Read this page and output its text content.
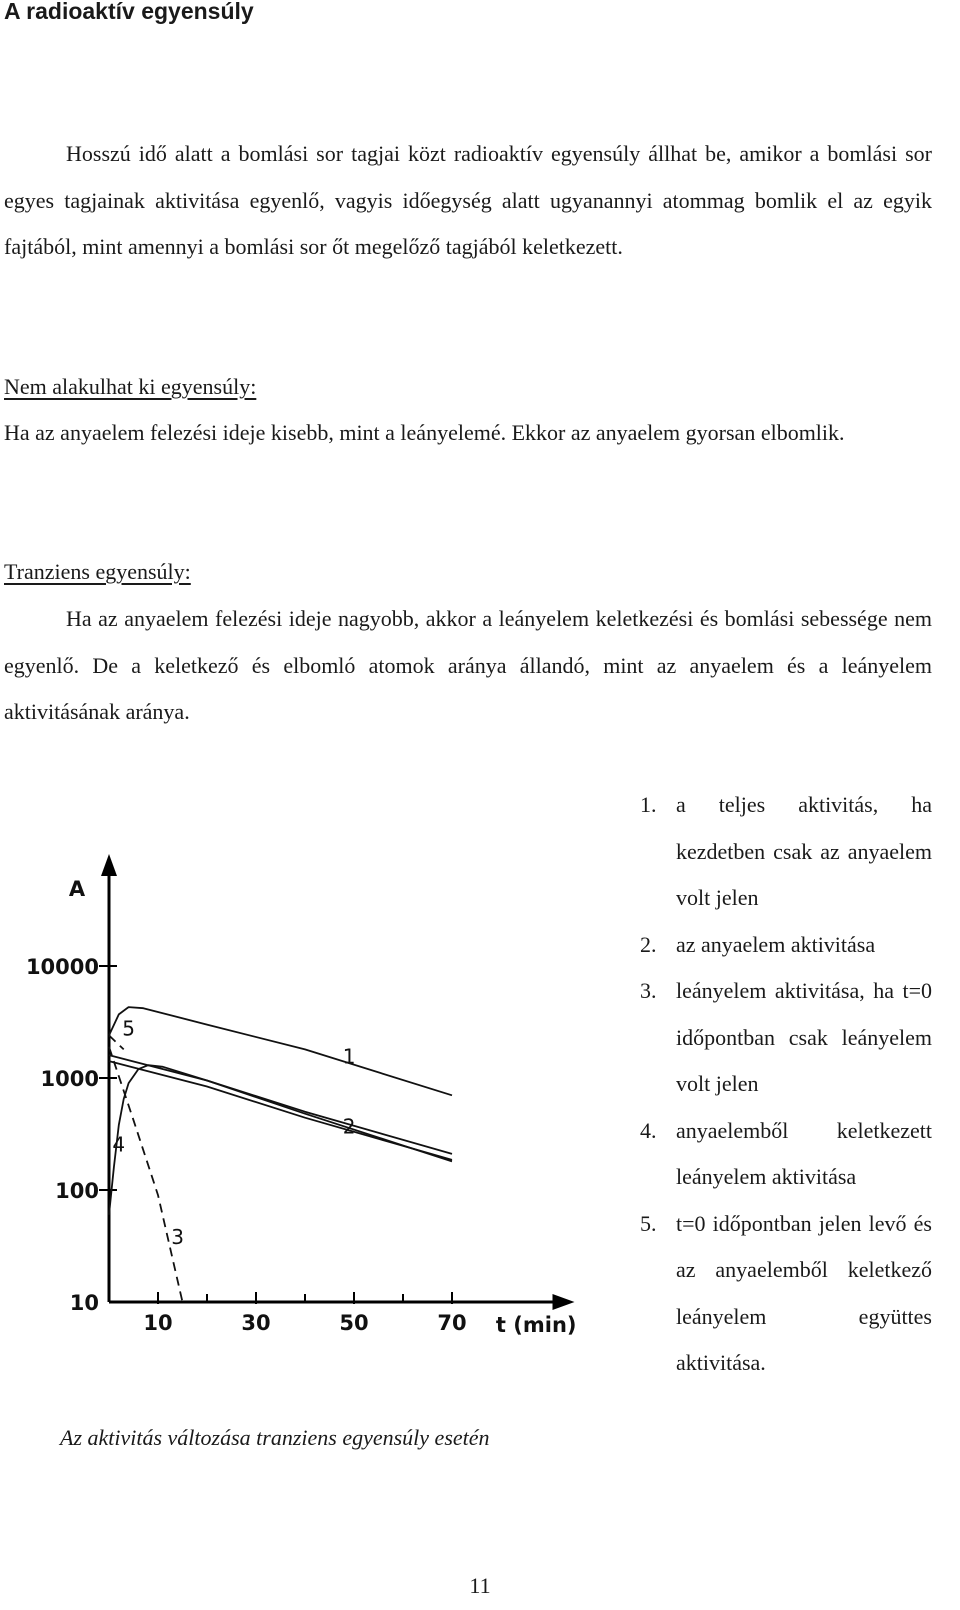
A radioaktív egyensúly

Hosszú idő alatt a bomlási sor tagjai közt radioaktív egyensúly állhat be, amikor a bomlási sor egyes tagjainak aktivitása egyenlő, vagyis időegység alatt ugyanannyi atommag bomlik el az egyik fajtából, mint amennyi a bomlási sor őt megelőző tagjából keletkezett.

Nem alakulhat ki egyensúly:

Ha az anyaelem felezési ideje kisebb, mint a leányelemé. Ekkor az anyaelem gyorsan elbomlik.

Tranziens egyensúly:

Ha az anyaelem felezési ideje nagyobb, akkor a leányelem keletkezési és bomlási sebessége nem egyenlő. De a keletkező és elbomló atomok aránya állandó, mint az anyaelem és a leányelem aktivitásának aránya.

10
100
1000
10000
10	30	50	70
A
t (min)
1
2
3
4
5

Az aktivitás változása tranziens egyensúly esetén

1. a teljes aktivitás, ha kezdetben csak az anyaelem volt jelen
2. az anyaelem aktivitása
3. leányelem aktivitása, ha t=0 időpontban csak leányelem volt jelen
4. anyaelemből keletkezett leányelem aktivitása
5. t=0 időpontban jelen levő és az anyaelemből keletkező leányelem együttes aktivitása.

11
